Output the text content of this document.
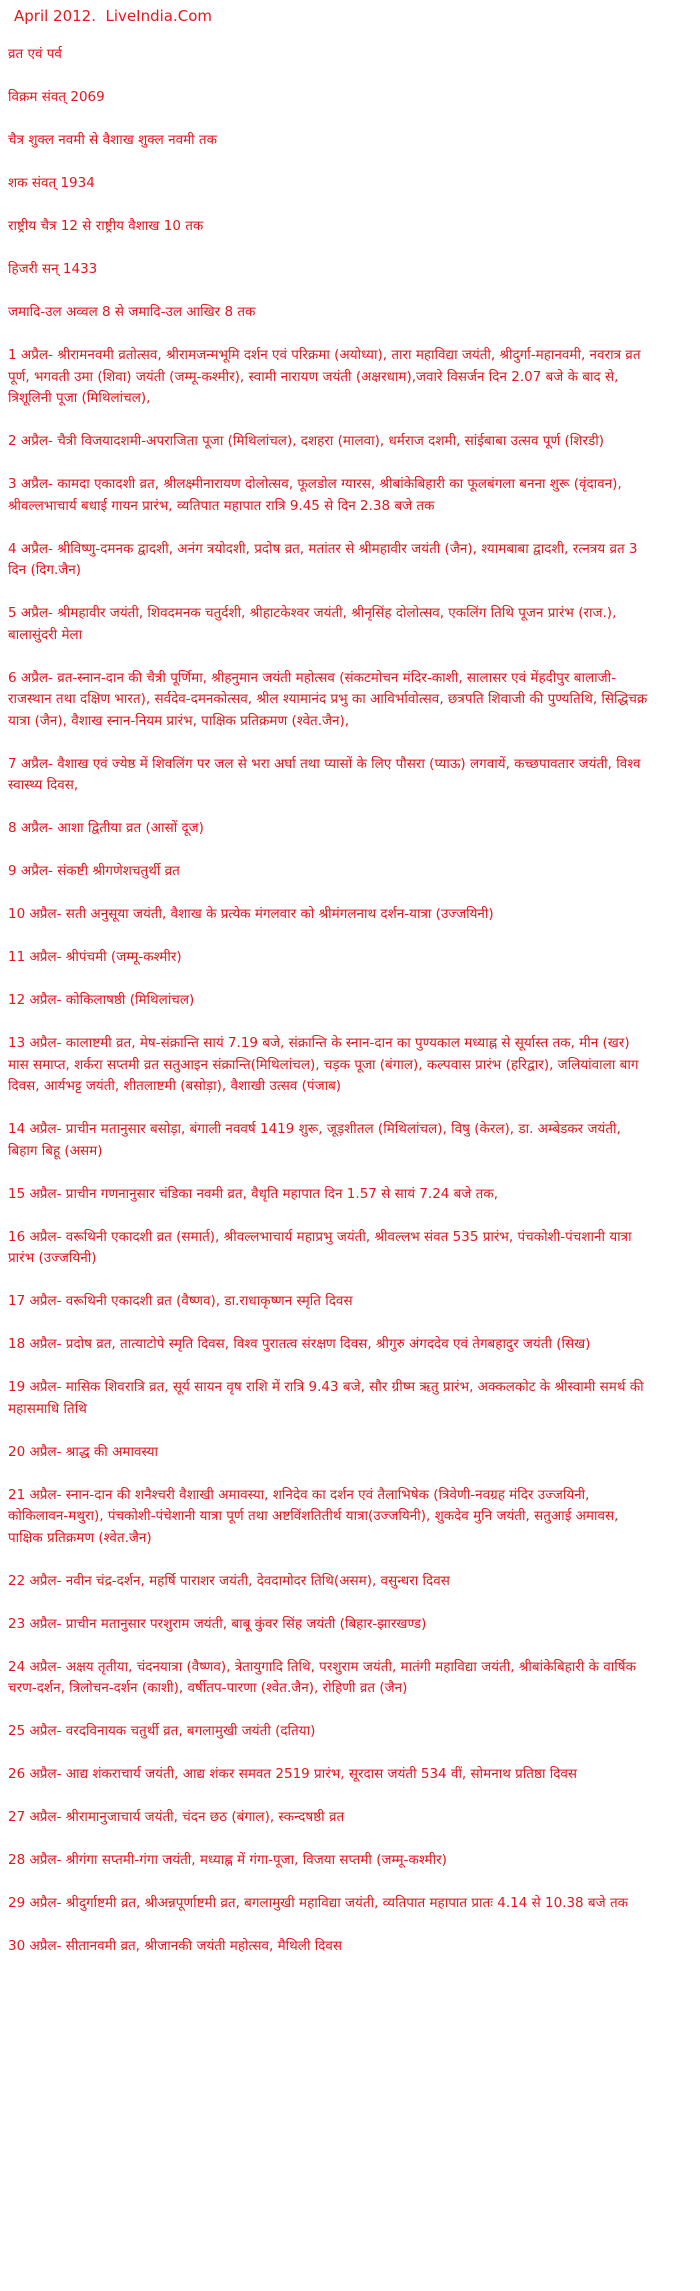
April 2012.  LiveIndia.Com

व्रत एवं पर्व

विक्रम संवत् 2069

चैत्र शुक्ल नवमी से वैशाख शुक्ल नवमी तक

शक संवत् 1934

राष्ट्रीय चैत्र 12 से राष्ट्रीय वैशाख 10 तक

हिजरी सन् 1433

जमादि-उल अव्वल 8 से जमादि-उल आखिर 8 तक

1 अप्रैल- श्रीरामनवमी व्रतोत्सव, श्रीरामजन्मभूमि दर्शन एवं परिक्रमा (अयोध्या), तारा महाविद्या जयंती, श्रीदुर्गा-महानवमी, नवरात्र व्रत पूर्ण, भगवती उमा (शिवा) जयंती (जम्मू-कश्मीर), स्वामी नारायण जयंती (अक्षरधाम),जवारे विसर्जन दिन 2.07 बजे के बाद से, त्रिशूलिनी पूजा (मिथिलांचल),

2 अप्रैल- चैत्री विजयादशमी-अपराजिता पूजा (मिथिलांचल), दशहरा (मालवा), धर्मराज दशमी, सांईबाबा उत्सव पूर्ण (शिरडी)

3 अप्रैल- कामदा एकादशी व्रत, श्रीलक्ष्मीनारायण दोलोत्सव, फूलडोल ग्यारस, श्रीबांकेबिहारी का फूलबंगला बनना शुरू (वृंदावन), श्रीवल्लभाचार्य बधाई गायन प्रारंभ, व्यतिपात महापात रात्रि 9.45 से दिन 2.38 बजे तक

4 अप्रैल- श्रीविष्णु-दमनक द्वादशी, अनंग त्रयोदशी, प्रदोष व्रत, मतांतर से श्रीमहावीर जयंती (जैन), श्यामबाबा द्वादशी, रत्नत्रय व्रत 3 दिन (दिग.जैन)

5 अप्रैल- श्रीमहावीर जयंती, शिवदमनक चतुर्दशी, श्रीहाटकेश्वर जयंती, श्रीनृसिंह दोलोत्सव, एकलिंग तिथि पूजन प्रारंभ (राज.), बालासुंदरी मेला

6 अप्रैल- व्रत-स्नान-दान की चैत्री पूर्णिमा, श्रीहनुमान जयंती महोत्सव (संकटमोचन मंदिर-काशी, सालासर एवं मेंहदीपुर बालाजी-राजस्थान तथा दक्षिण भारत), सर्वदेव-दमनकोत्सव, श्रील श्यामानंद प्रभु का आविर्भावोत्सव, छत्रपति शिवाजी की पुण्यतिथि, सिद्धिचक्र यात्रा (जैन), वैशाख स्नान-नियम प्रारंभ, पाक्षिक प्रतिक्रमण (श्वेत.जैन),

7 अप्रैल- वैशाख एवं ज्येष्ठ में शिवलिंग पर जल से भरा अर्घा तथा प्यासों के लिए पौसरा (प्याऊ) लगवायें, कच्छपावतार जयंती, विश्व स्वास्थ्य दिवस,

8 अप्रैल- आशा द्वितीया व्रत (आसों दूज)

9 अप्रैल- संकष्टी श्रीगणेशचतुर्थी व्रत

10 अप्रैल- सती अनुसूया जयंती, वैशाख के प्रत्येक मंगलवार को श्रीमंगलनाथ दर्शन-यात्रा (उज्जयिनी)

11 अप्रैल- श्रीपंचमी (जम्मू-कश्मीर)

12 अप्रैल- कोकिलाषष्ठी (मिथिलांचल)

13 अप्रैल- कालाष्टमी व्रत, मेष-संक्रान्ति सायं 7.19 बजे, संक्रान्ति के स्नान-दान का पुण्यकाल मध्याह्न से सूर्यास्त तक, मीन (खर) मास समाप्त, शर्करा सप्तमी व्रत सतुआइन संक्रान्ति(मिथिलांचल), चड़क पूजा (बंगाल), कल्पवास प्रारंभ (हरिद्वार), जलियांवाला बाग दिवस, आर्यभट्ट जयंती, शीतलाष्टमी (बसोड़ा), वैशाखी उत्सव (पंजाब)

14 अप्रैल- प्राचीन मतानुसार बसोड़ा, बंगाली नववर्ष 1419 शुरू, जूड़शीतल (मिथिलांचल), विषु (केरल), डा. अम्बेडकर जयंती, बिहाग बिहू (असम)

15 अप्रैल- प्राचीन गणनानुसार चंडिका नवमी व्रत, वैधृति महापात दिन 1.57 से सायं 7.24 बजे तक,

16 अप्रैल- वरूथिनी एकादशी व्रत (समार्त), श्रीवल्लभाचार्य महाप्रभु जयंती, श्रीवल्लभ संवत 535 प्रारंभ, पंचकोशी-पंचशानी यात्रा प्रारंभ (उज्जयिनी)

17 अप्रैल- वरूथिनी एकादशी व्रत (वैष्णव), डा.राधाकृष्णन स्मृति दिवस

18 अप्रैल- प्रदोष व्रत, तात्याटोपे स्मृति दिवस, विश्व पुरातत्व संरक्षण दिवस, श्रीगुरु अंगददेव एवं तेगबहादुर जयंती (सिख)

19 अप्रैल- मासिक शिवरात्रि व्रत, सूर्य सायन वृष राशि में रात्रि 9.43 बजे, सौर ग्रीष्म ऋतु प्रारंभ, अक्कलकोट के श्रीस्वामी समर्थ की महासमाधि तिथि

20 अप्रैल- श्राद्ध की अमावस्या

21 अप्रैल- स्नान-दान की शनैश्चरी वैशाखी अमावस्या, शनिदेव का दर्शन एवं तैलाभिषेक (त्रिवेणी-नवग्रह मंदिर उज्जयिनी, कोकिलावन-मथुरा), पंचकोशी-पंचेशानी यात्रा पूर्ण तथा अष्टविंशतितीर्थ यात्रा(उज्जयिनी), शुकदेव मुनि जयंती, सतुआई अमावस, पाक्षिक प्रतिक्रमण (श्वेत.जैन)

22 अप्रैल- नवीन चंद्र-दर्शन, महर्षि पाराशर जयंती, देवदामोदर तिथि(असम), वसुन्धरा दिवस

23 अप्रैल- प्राचीन मतानुसार परशुराम जयंती, बाबू कुंवर सिंह जयंती (बिहार-झारखण्ड)

24 अप्रैल- अक्षय तृतीया, चंदनयात्रा (वैष्णव), त्रेतायुगादि तिथि, परशुराम जयंती, मातंगी महाविद्या जयंती, श्रीबांकेबिहारी के वार्षिक चरण-दर्शन, त्रिलोचन-दर्शन (काशी), वर्षीतप-पारणा (श्वेत.जैन), रोहिणी व्रत (जैन)

25 अप्रैल- वरदविनायक चतुर्थी व्रत, बगलामुखी जयंती (दतिया)

26 अप्रैल- आद्य शंकराचार्य जयंती, आद्य शंकर समवत 2519 प्रारंभ, सूरदास जयंती 534 वीं, सोमनाथ प्रतिष्ठा दिवस

27 अप्रैल- श्रीरामानुजाचार्य जयंती, चंदन छठ (बंगाल), स्कन्दषष्ठी व्रत

28 अप्रैल- श्रीगंगा सप्तमी-गंगा जयंती, मध्याह्न में गंगा-पूजा, विजया सप्तमी (जम्मू-कश्मीर)

29 अप्रैल- श्रीदुर्गाष्टमी व्रत, श्रीअन्नपूर्णाष्टमी व्रत, बगलामुखी महाविद्या जयंती, व्यतिपात महापात प्रातः 4.14 से 10.38 बजे तक

30 अप्रैल- सीतानवमी व्रत, श्रीजानकी जयंती महोत्सव, मैथिली दिवस
